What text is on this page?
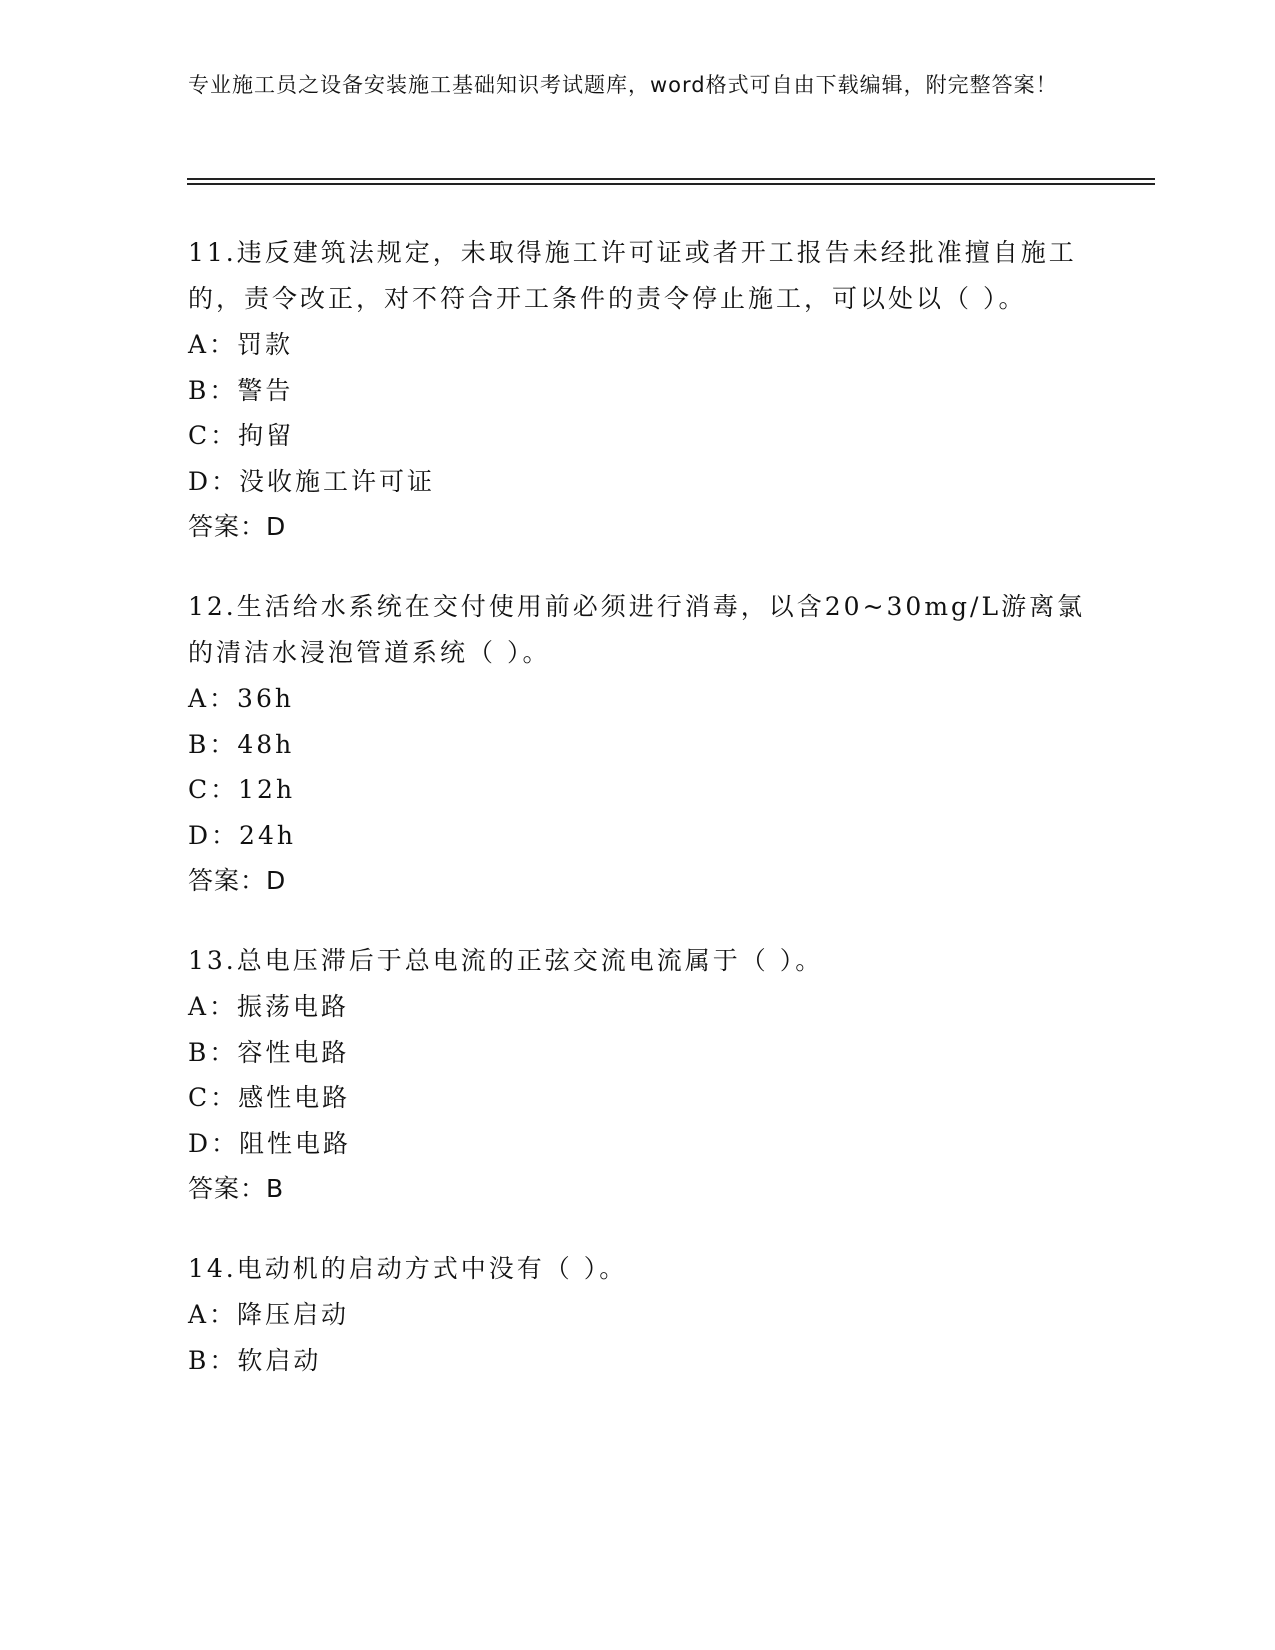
专业施工员之设备安装施工基础知识考试题库，word格式可自由下载编辑，附完整答案！

11.违反建筑法规定，未取得施工许可证或者开工报告未经批准擅自施工的，责令改正，对不符合开工条件的责令停止施工，可以处以（ ）。

A：罚款

B：警告

C：拘留

D：没收施工许可证

答案：D

12.生活给水系统在交付使用前必须进行消毒，以含20~30mg/L游离氯的清洁水浸泡管道系统（ ）。

A：36h

B：48h

C：12h

D：24h

答案：D

13.总电压滞后于总电流的正弦交流电流属于（ ）。

A：振荡电路

B：容性电路

C：感性电路

D：阻性电路

答案：B

14.电动机的启动方式中没有（ ）。

A：降压启动

B：软启动
